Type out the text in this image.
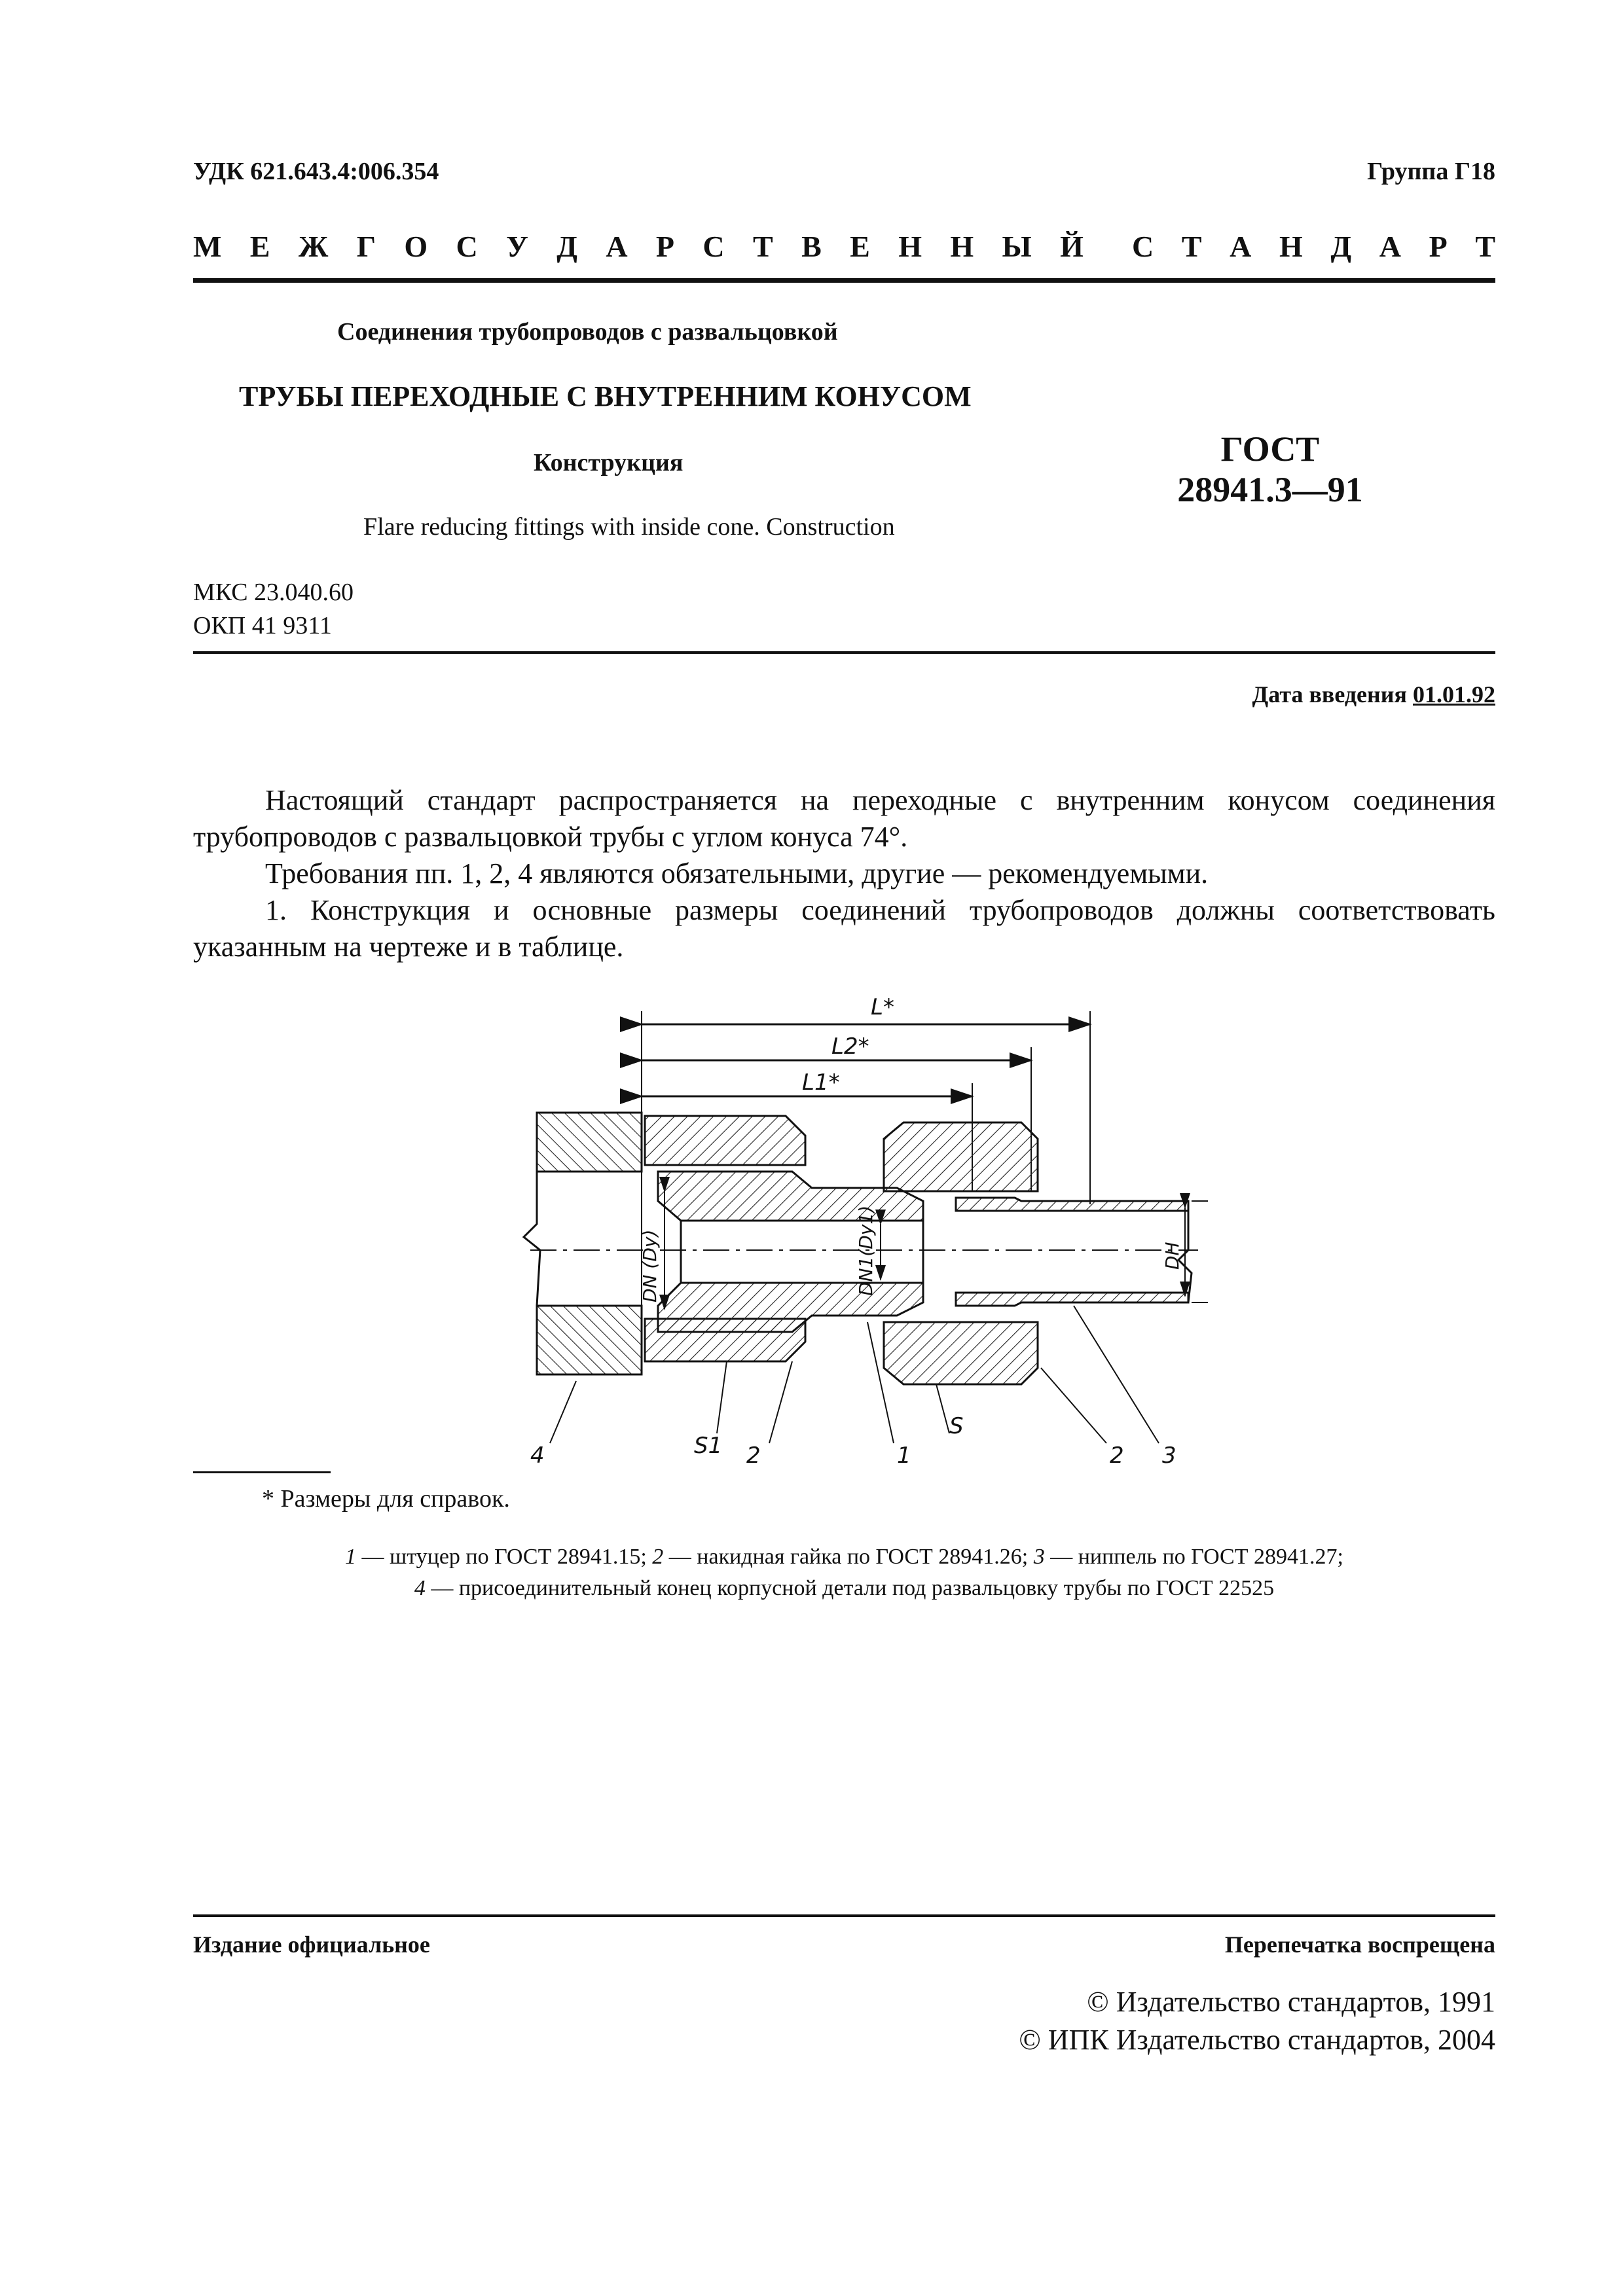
УДК 621.643.4:006.354	Группа Г18
М Е Ж Г О С У Д А Р С Т В Е Н Н Ы Й С Т А Н Д А Р Т
Соединения трубопроводов с развальцовкой
ТРУБЫ ПЕРЕХОДНЫЕ С ВНУТРЕННИМ КОНУСОМ
Конструкция	ГОСТ
28941.3—91
Flare reducing fittings with inside cone. Construction
МКС 23.040.60
ОКП 41 9311
Дата введения 01.01.92

Настоящий стандарт распространяется на переходные с внутренним конусом соединения трубопроводов с развальцовкой трубы с углом конуса 74°.

Требования пп. 1, 2, 4 являются обязательными, другие — рекомендуемыми.

1. Конструкция и основные размеры соединений трубопроводов должны соответствовать указанным на чертеже и в таблице.

L*
L2*
L1*
DN (Dy)	DN1(Dy1)	DH
4	S1 2	1
S
2 3
* Размеры для справок.
1 — штуцер по ГОСТ 28941.15; 2 — накидная гайка по ГОСТ 28941.26; 3 — ниппель по ГОСТ 28941.27;
4 — присоединительный конец корпусной детали под развальцовку трубы по ГОСТ 22525
Издание официальное	Перепечатка воспрещена
© Издательство стандартов, 1991
© ИПК Издательство стандартов, 2004
